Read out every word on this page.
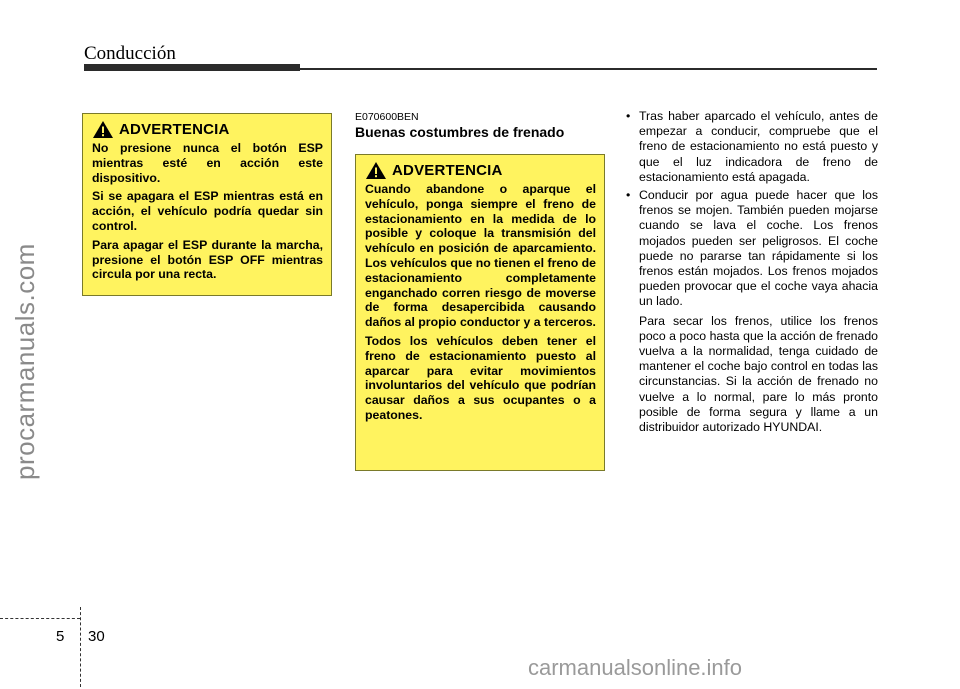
Conducción
procarmanuals.com
ADVERTENCIA

No presione nunca el botón ESP mientras esté en acción este dispositivo.

Si se apagara el ESP mientras está en acción, el vehículo podría quedar sin control.

Para apagar el ESP durante la marcha, presione el botón ESP OFF mientras circula por una recta.

E070600BEN
Buenas costumbres de frenado
ADVERTENCIA

Cuando abandone o aparque el vehículo, ponga siempre el freno de estacionamiento en la medida de lo posible y coloque la transmisión del vehículo en posición de aparcamiento. Los vehículos que no tienen el freno de estacionamiento completamente enganchado corren riesgo de moverse de forma desapercibida causando daños al propio conductor y a terceros.

Todos los vehículos deben tener el freno de estacionamiento puesto al aparcar para evitar movimientos involuntarios del vehículo que podrían causar daños a sus ocupantes o a peatones.

• Tras haber aparcado el vehículo, antes de empezar a conducir, compruebe que el freno de estacionamiento no está puesto y que el luz indicadora de freno de estacionamiento está apagada.
• Conducir por agua puede hacer que los frenos se mojen. También pueden mojarse cuando se lava el coche. Los frenos mojados pueden ser peligrosos. El coche puede no pararse tan rápidamente si los frenos están mojados. Los frenos mojados pueden provocar que el coche vaya ahacia un lado.
Para secar los frenos, utilice los frenos poco a poco hasta que la acción de frenado vuelva a la normalidad, tenga cuidado de mantener el coche bajo control en todas las circunstancias. Si la acción de frenado no vuelve a lo normal, pare lo más pronto posible de forma segura y llame a un distribuidor autorizado HYUNDAI.
5 30
carmanualsonline.info
